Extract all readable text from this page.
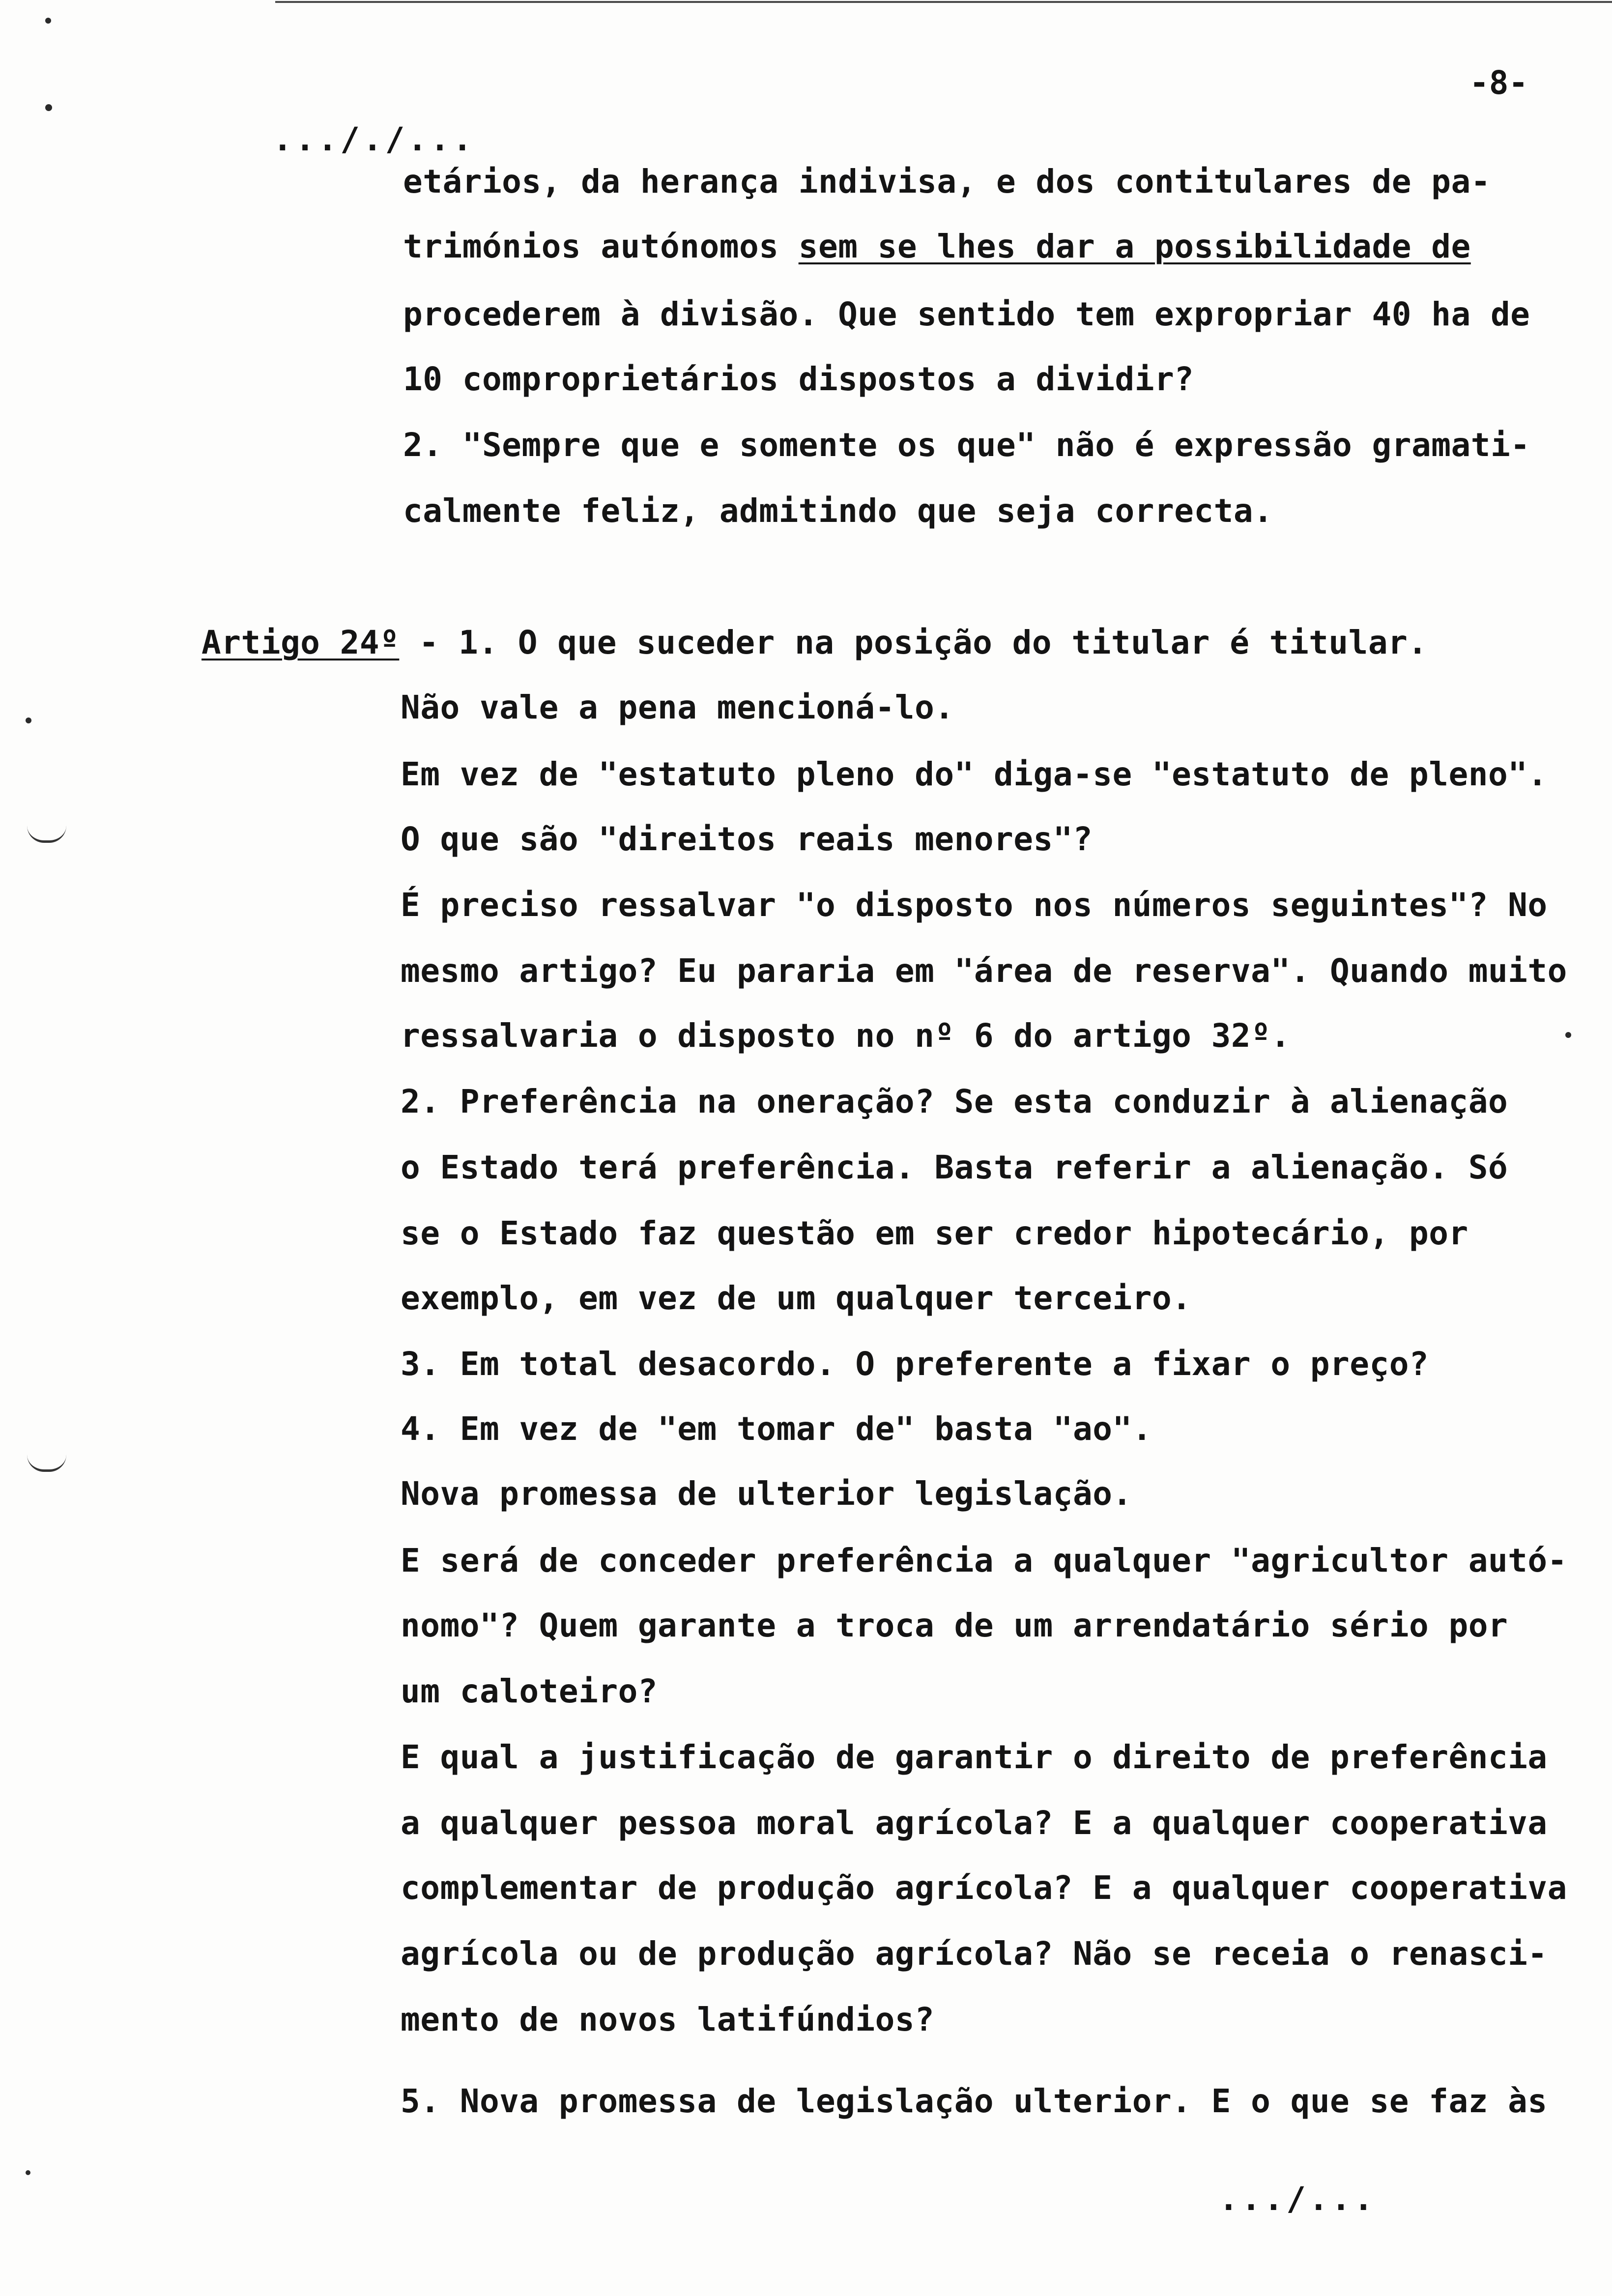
-8-
..././...
etários, da herança indivisa, e dos contitulares de pa-
trimónios autónomos sem se lhes dar a possibilidade de
procederem à divisão. Que sentido tem expropriar 40 ha de
10 comproprietários dispostos a dividir?
2. "Sempre que e somente os que" não é expressão gramati-
calmente feliz, admitindo que seja correcta.
Artigo 24º - 1. O que suceder na posição do titular é titular.
Não vale a pena mencioná-lo.
Em vez de "estatuto pleno do" diga-se "estatuto de pleno".
O que são "direitos reais menores"?
É preciso ressalvar "o disposto nos números seguintes"? No
mesmo artigo? Eu pararia em "área de reserva". Quando muito
ressalvaria o disposto no nº 6 do artigo 32º.
2. Preferência na oneração? Se esta conduzir à alienação
o Estado terá preferência. Basta referir a alienação. Só
se o Estado faz questão em ser credor hipotecário, por
exemplo, em vez de um qualquer terceiro.
3. Em total desacordo. O preferente a fixar o preço?
4. Em vez de "em tomar de" basta "ao".
Nova promessa de ulterior legislação.
E será de conceder preferência a qualquer "agricultor autó-
nomo"? Quem garante a troca de um arrendatário sério por
um caloteiro?
E qual a justificação de garantir o direito de preferência
a qualquer pessoa moral agrícola? E a qualquer cooperativa
complementar de produção agrícola? E a qualquer cooperativa
agrícola ou de produção agrícola? Não se receia o renasci-
mento de novos latifúndios?
5. Nova promessa de legislação ulterior. E o que se faz às
.../...
